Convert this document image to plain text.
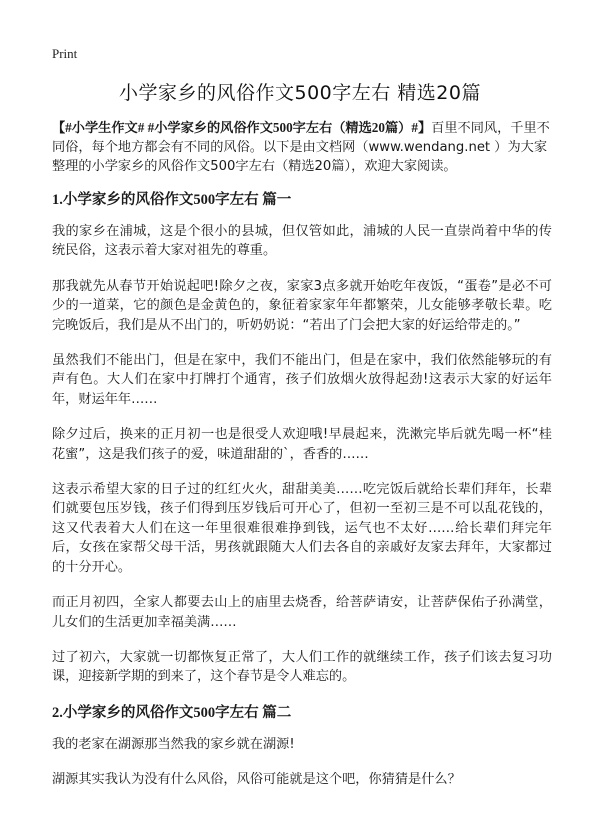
Print
小学家乡的风俗作文500字左右 精选20篇

【#小学生作文# #小学家乡的风俗作文500字左右（精选20篇）#】百里不同风，千里不同俗，每个地方都会有不同的风俗。以下是由文档网（www.wendang.net ）为大家整理的小学家乡的风俗作文500字左右（精选20篇），欢迎大家阅读。

1.小学家乡的风俗作文500字左右 篇一

我的家乡在浦城，这是个很小的县城，但仅管如此，浦城的人民一直崇尚着中华的传统民俗，这表示着大家对祖先的尊重。

那我就先从春节开始说起吧!除夕之夜，家家3点多就开始吃年夜饭，“蛋卷”是必不可少的一道菜，它的颜色是金黄色的，象征着家家年年都繁荣，儿女能够孝敬长辈。吃完晚饭后，我们是从不出门的，听奶奶说：“若出了门会把大家的好运给带走的。”

虽然我们不能出门，但是在家中，我们不能出门，但是在家中，我们依然能够玩的有声有色。大人们在家中打牌打个通宵，孩子们放烟火放得起劲!这表示大家的好运年年，财运年年……

除夕过后，换来的正月初一也是很受人欢迎哦!早晨起来，洗漱完毕后就先喝一杯“桂花蜜”，这是我们孩子的爱，味道甜甜的`，香香的……

这表示希望大家的日子过的红红火火，甜甜美美……吃完饭后就给长辈们拜年，长辈们就要包压岁钱，孩子们得到压岁钱后可开心了，但初一至初三是不可以乱花钱的，这又代表着大人们在这一年里很难很难挣到钱，运气也不太好……给长辈们拜完年后，女孩在家帮父母干活，男孩就跟随大人们去各自的亲戚好友家去拜年，大家都过的十分开心。

而正月初四，全家人都要去山上的庙里去烧香，给菩萨请安，让菩萨保佑子孙满堂，儿女们的生活更加幸福美满……

过了初六，大家就一切都恢复正常了，大人们工作的就继续工作，孩子们该去复习功课，迎接新学期的到来了，这个春节是令人难忘的。

2.小学家乡的风俗作文500字左右 篇二

我的老家在湖源那当然我的家乡就在湖源!

湖源其实我认为没有什么风俗，风俗可能就是这个吧，你猜猜是什么？
